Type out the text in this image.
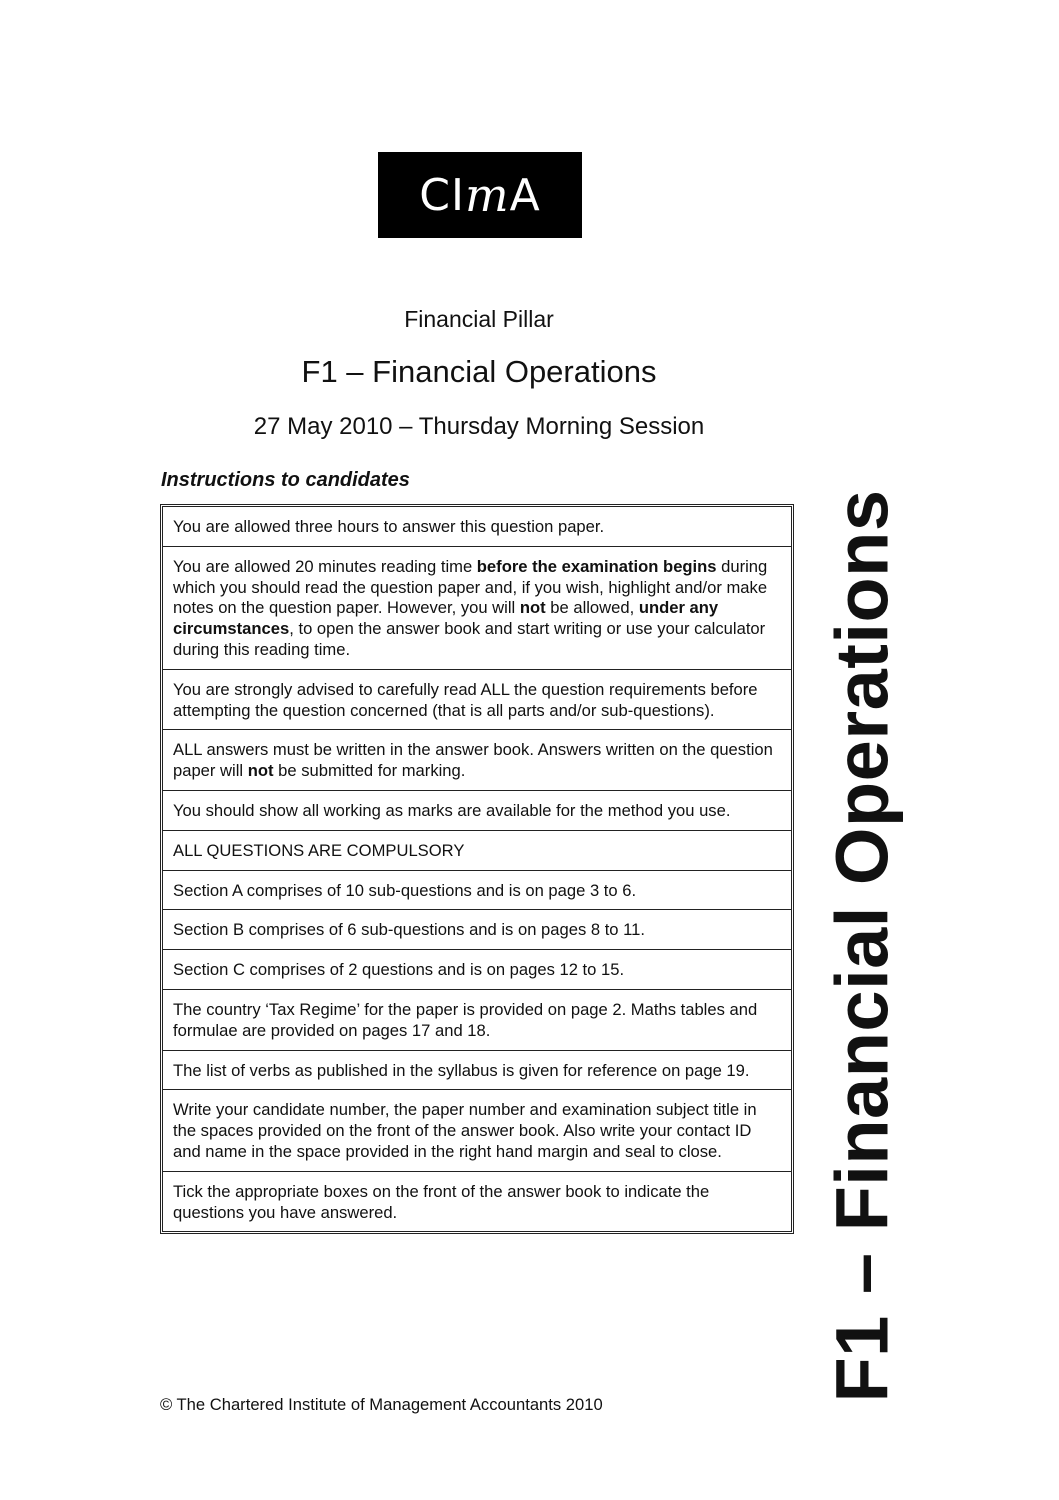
CI m A
Financial Pillar
F1 – Financial Operations
27 May 2010 – Thursday Morning Session
Instructions to candidates
You are allowed three hours to answer this question paper.
You are allowed 20 minutes reading time before the examination begins during which you should read the question paper and, if you wish, highlight and/or make notes on the question paper. However, you will not be allowed, under any circumstances, to open the answer book and start writing or use your calculator during this reading time.
You are strongly advised to carefully read ALL the question requirements before attempting the question concerned (that is all parts and/or sub-questions).
ALL answers must be written in the answer book. Answers written on the question paper will not be submitted for marking.
You should show all working as marks are available for the method you use.
ALL QUESTIONS ARE COMPULSORY
Section A comprises of 10 sub-questions and is on page 3 to 6.
Section B comprises of 6 sub-questions and is on pages 8 to 11.
Section C comprises of 2 questions and is on pages 12 to 15.
The country ‘Tax Regime’ for the paper is provided on page 2. Maths tables and formulae are provided on pages 17 and 18.
The list of verbs as published in the syllabus is given for reference on page 19.
Write your candidate number, the paper number and examination subject title in the spaces provided on the front of the answer book. Also write your contact ID and name in the space provided in the right hand margin and seal to close.
Tick the appropriate boxes on the front of the answer book to indicate the questions you have answered.	F1 – Financial Operations
© The Chartered Institute of Management Accountants 2010
